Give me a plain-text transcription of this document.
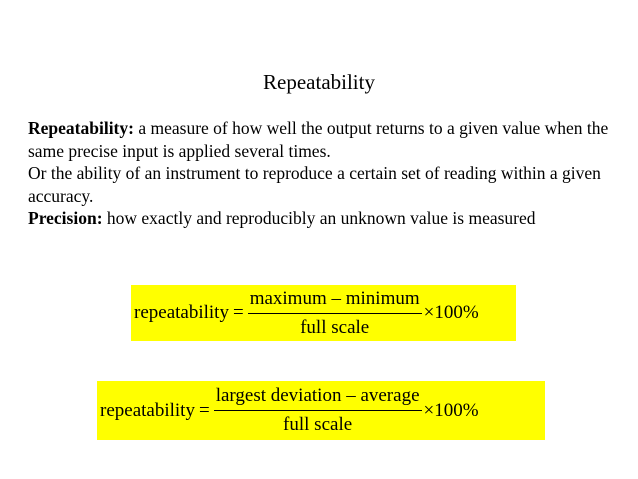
Repeatability

Repeatability: a measure of how well the output returns to a given value when the same precise input is applied several times.

Or the ability of an instrument to reproduce a certain set of reading within a given accuracy.

Precision: how exactly and reproducibly an unknown value is measured

repeatability = $\frac{\text{maximum – minimum}}{\text{full scale}} \times 100\%$
repeatability = $\frac{\text{largest deviation – average}}{\text{full scale}} \times 100\%$
